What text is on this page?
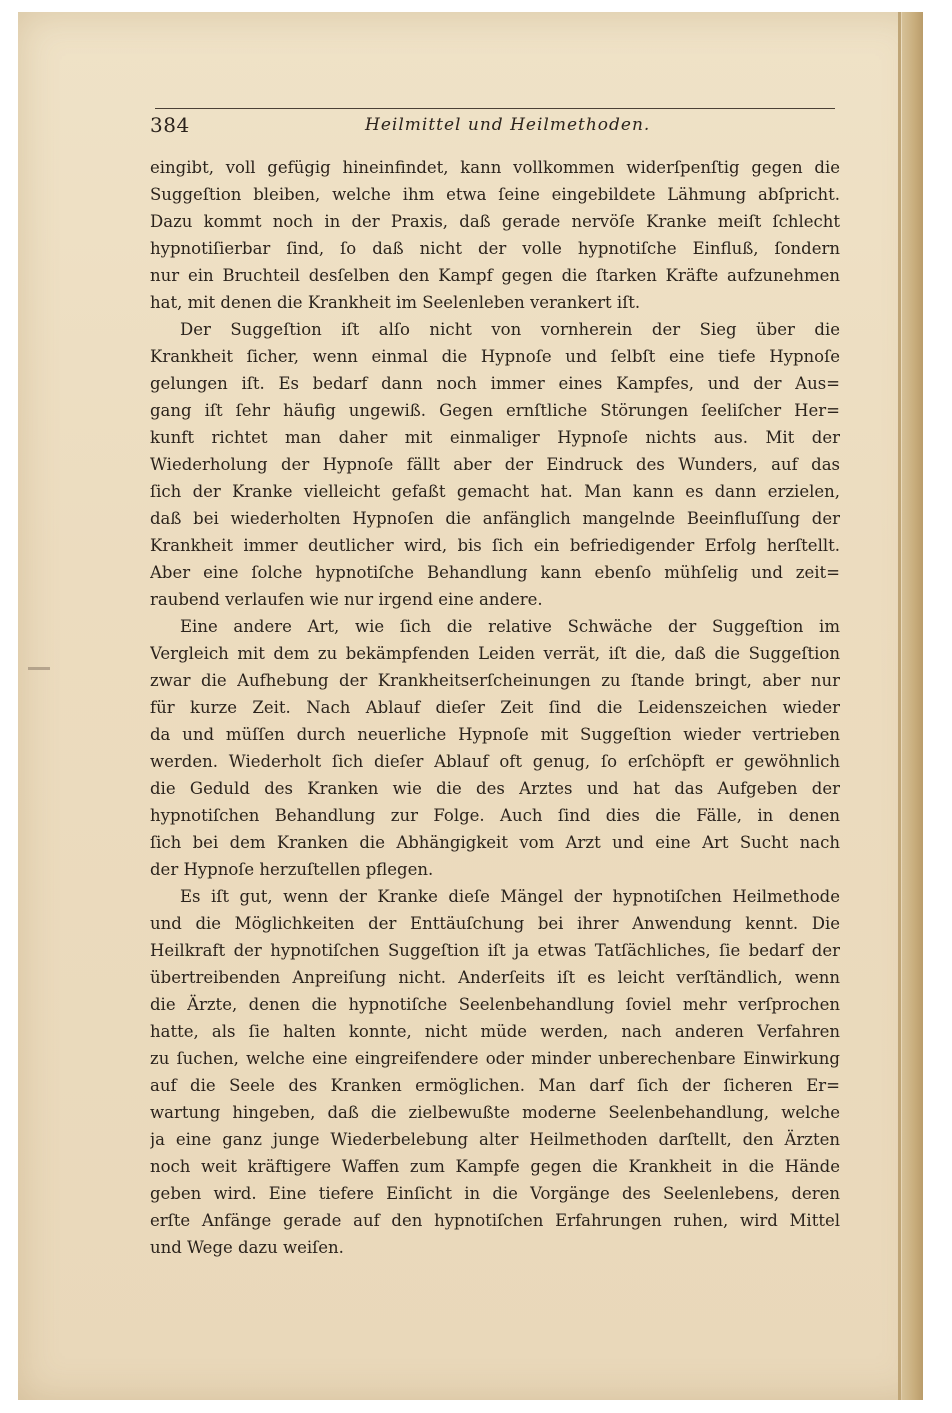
384	Heilmittel und Heilmethoden.
eingibt, voll gefügig hineinfindet, kann vollkommen widerſpenſtig gegen die
Suggeſtion bleiben, welche ihm etwa ſeine eingebildete Lähmung abſpricht.
Dazu kommt noch in der Praxis, daß gerade nervöſe Kranke meiſt ſchlecht
hypnotiſierbar ſind, ſo daß nicht der volle hypnotiſche Einfluß, ſondern
nur ein Bruchteil desſelben den Kampf gegen die ſtarken Kräfte aufzunehmen
hat, mit denen die Krankheit im Seelenleben verankert iſt.
Der Suggeſtion iſt alſo nicht von vornherein der Sieg über die
Krankheit ſicher, wenn einmal die Hypnoſe und ſelbſt eine tiefe Hypnoſe
gelungen iſt. Es bedarf dann noch immer eines Kampfes, und der Aus=
gang iſt ſehr häufig ungewiß. Gegen ernſtliche Störungen ſeeliſcher Her=
kunft richtet man daher mit einmaliger Hypnoſe nichts aus. Mit der
Wiederholung der Hypnoſe fällt aber der Eindruck des Wunders, auf das
ſich der Kranke vielleicht gefaßt gemacht hat. Man kann es dann erzielen,
daß bei wiederholten Hypnoſen die anfänglich mangelnde Beeinfluſſung der
Krankheit immer deutlicher wird, bis ſich ein befriedigender Erfolg herſtellt.
Aber eine ſolche hypnotiſche Behandlung kann ebenſo mühſelig und zeit=
raubend verlaufen wie nur irgend eine andere.
Eine andere Art, wie ſich die relative Schwäche der Suggeſtion im
Vergleich mit dem zu bekämpfenden Leiden verrät, iſt die, daß die Suggeſtion
zwar die Aufhebung der Krankheitserſcheinungen zu ſtande bringt, aber nur
für kurze Zeit. Nach Ablauf dieſer Zeit ſind die Leidenszeichen wieder
da und müſſen durch neuerliche Hypnoſe mit Suggeſtion wieder vertrieben
werden. Wiederholt ſich dieſer Ablauf oft genug, ſo erſchöpft er gewöhnlich
die Geduld des Kranken wie die des Arztes und hat das Aufgeben der
hypnotiſchen Behandlung zur Folge. Auch ſind dies die Fälle, in denen
ſich bei dem Kranken die Abhängigkeit vom Arzt und eine Art Sucht nach
der Hypnoſe herzuſtellen pflegen.
Es iſt gut, wenn der Kranke dieſe Mängel der hypnotiſchen Heilmethode
und die Möglichkeiten der Enttäuſchung bei ihrer Anwendung kennt. Die
Heilkraft der hypnotiſchen Suggeſtion iſt ja etwas Tatſächliches, ſie bedarf der
übertreibenden Anpreiſung nicht. Anderſeits iſt es leicht verſtändlich, wenn
die Ärzte, denen die hypnotiſche Seelenbehandlung ſoviel mehr verſprochen
hatte, als ſie halten konnte, nicht müde werden, nach anderen Verfahren
zu ſuchen, welche eine eingreifendere oder minder unberechenbare Einwirkung
auf die Seele des Kranken ermöglichen. Man darf ſich der ſicheren Er=
wartung hingeben, daß die zielbewußte moderne Seelenbehandlung, welche
ja eine ganz junge Wiederbelebung alter Heilmethoden darſtellt, den Ärzten
noch weit kräftigere Waffen zum Kampfe gegen die Krankheit in die Hände
geben wird. Eine tiefere Einſicht in die Vorgänge des Seelenlebens, deren
erſte Anfänge gerade auf den hypnotiſchen Erfahrungen ruhen, wird Mittel
und Wege dazu weiſen.
